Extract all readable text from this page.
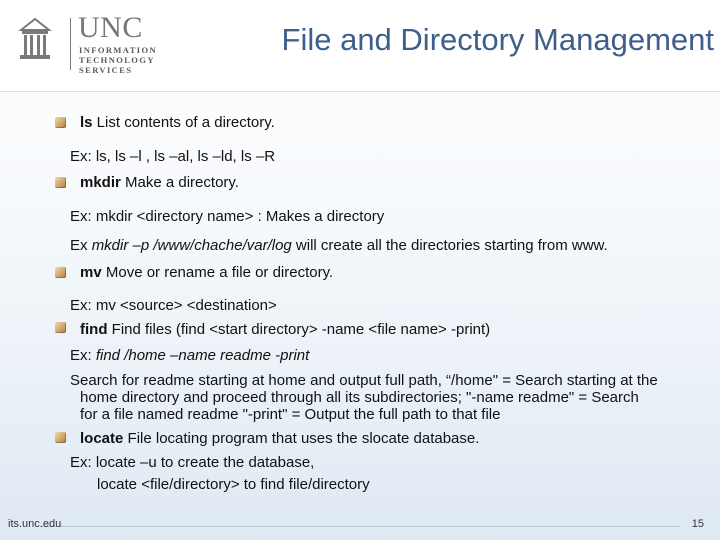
UNC
INFORMATION
TECHNOLOGY SERVICES
File and Directory Management
ls List contents of a directory.
Ex: ls, ls –l , ls –al, ls –ld, ls –R
mkdir Make a directory.
Ex: mkdir <directory name> : Makes a directory
Ex mkdir –p /www/chache/var/log will create all the directories starting from www.
mv Move or rename a file or directory.
Ex: mv <source> <destination>
find Find files (find <start directory> -name <file name> -print)
Ex: find /home –name readme -print
Search for readme starting at home and output full path, “/home" = Search starting at the
home directory and proceed through all its subdirectories; "-name readme" = Search
for a file named readme "-print" = Output the full path to that file
locate File locating program that uses the slocate database.
Ex: locate –u to create the database,
locate <file/directory> to find file/directory
its.unc.edu	15
